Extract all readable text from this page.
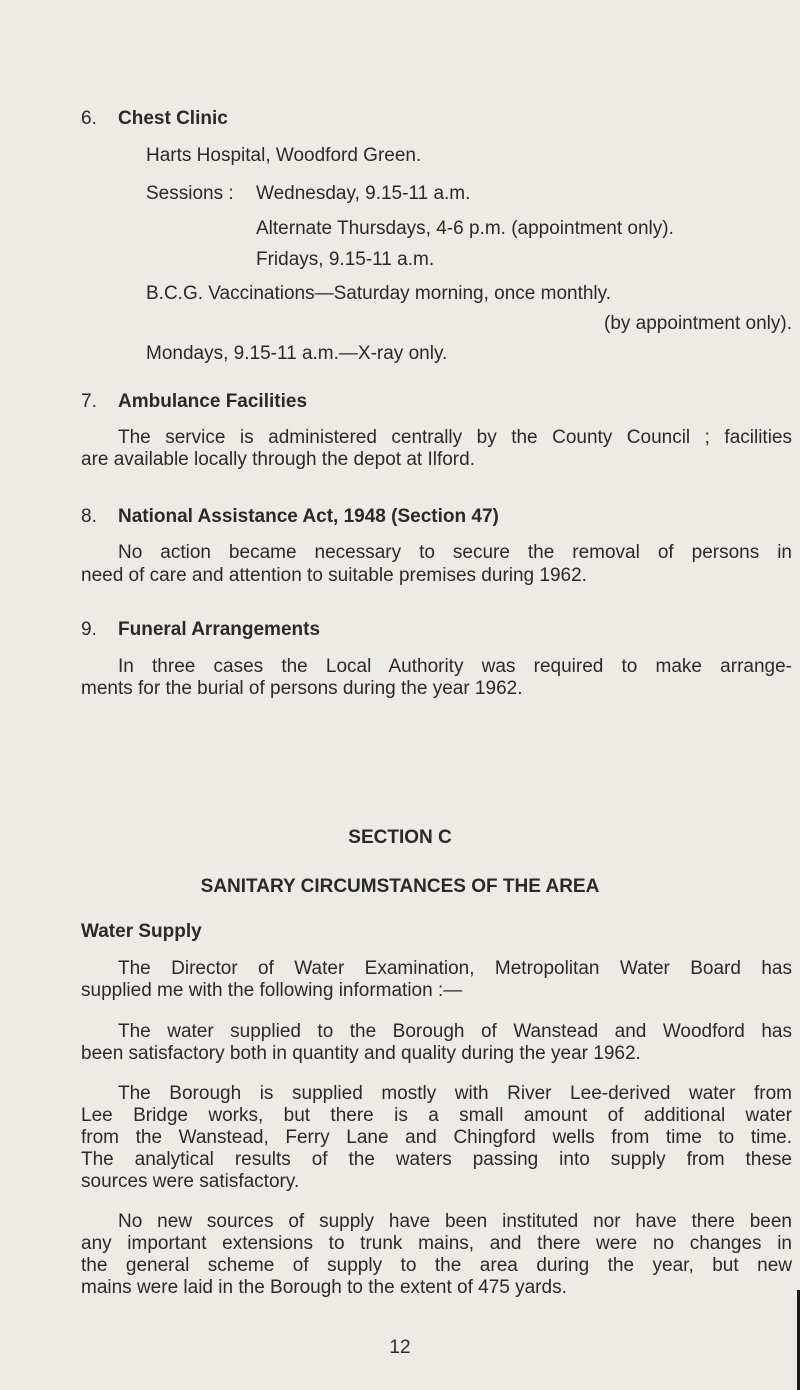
6. Chest Clinic
Harts Hospital, Woodford Green.
Sessions : Wednesday, 9.15-11 a.m.
Alternate Thursdays, 4-6 p.m. (appointment only).
Fridays, 9.15-11 a.m.
B.C.G. Vaccinations—Saturday morning, once monthly.
(by appointment only).
Mondays, 9.15-11 a.m.—X-ray only.
7. Ambulance Facilities
The service is administered centrally by the County Council ; facilities
are available locally through the depot at Ilford.
8. National Assistance Act, 1948 (Section 47)
No action became necessary to secure the removal of persons in
need of care and attention to suitable premises during 1962.
9. Funeral Arrangements
In three cases the Local Authority was required to make arrange-
ments for the burial of persons during the year 1962.
SECTION C
SANITARY CIRCUMSTANCES OF THE AREA
Water Supply
The Director of Water Examination, Metropolitan Water Board has
supplied me with the following information :—
The water supplied to the Borough of Wanstead and Woodford has
been satisfactory both in quantity and quality during the year 1962.
The Borough is supplied mostly with River Lee-derived water from
Lee Bridge works, but there is a small amount of additional water
from the Wanstead, Ferry Lane and Chingford wells from time to time.
The analytical results of the waters passing into supply from these
sources were satisfactory.
No new sources of supply have been instituted nor have there been
any important extensions to trunk mains, and there were no changes in
the general scheme of supply to the area during the year, but new
mains were laid in the Borough to the extent of 475 yards.
12
